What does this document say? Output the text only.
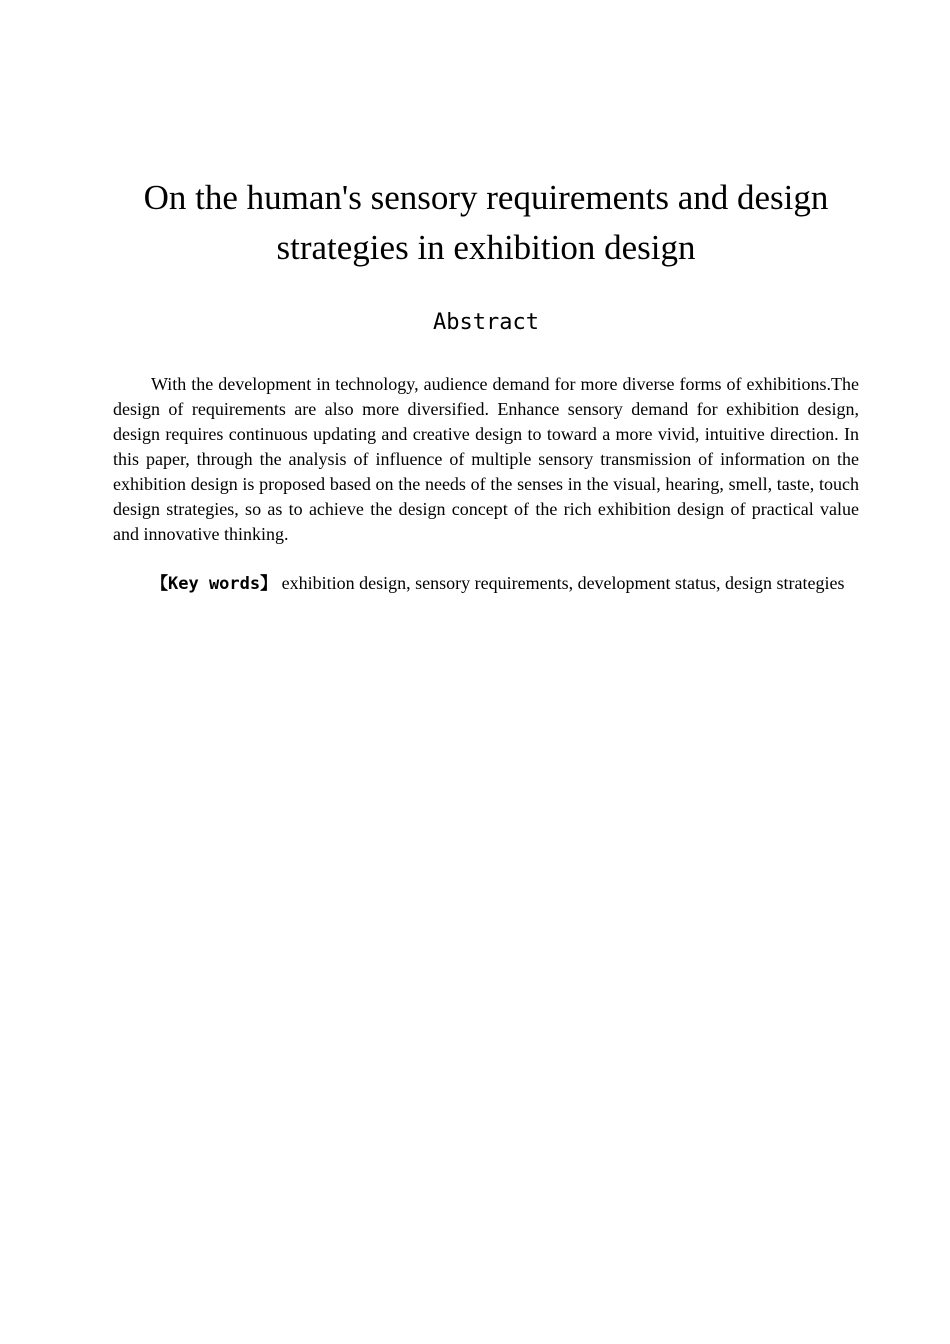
On the human's sensory requirements and design strategies in exhibition design
Abstract

With the development in technology, audience demand for more diverse forms of exhibitions.The design of requirements are also more diversified. Enhance sensory demand for exhibition design, design requires continuous updating and creative design to toward a more vivid, intuitive direction. In this paper, through the analysis of influence of multiple sensory transmission of information on the exhibition design is proposed based on the needs of the senses in the visual, hearing, smell, taste, touch design strategies, so as to achieve the design concept of the rich exhibition design of practical value and innovative thinking.

【Key words】 exhibition design, sensory requirements, development status, design strategies
